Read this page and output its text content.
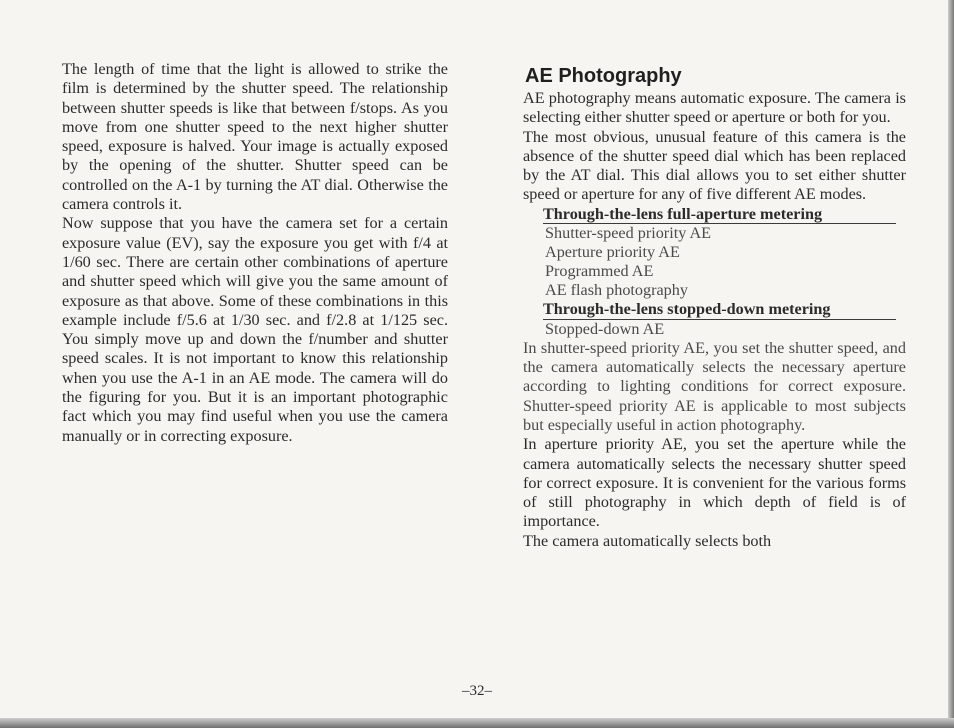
The length of time that the light is allowed to strike the film is determined by the shutter speed. The relationship between shutter speeds is like that between f/stops. As you move from one shutter speed to the next higher shutter speed, exposure is halved. Your image is actually exposed by the opening of the shutter. Shutter speed can be controlled on the A-1 by turning the AT dial. Otherwise the camera controls it.

Now suppose that you have the camera set for a certain exposure value (EV), say the exposure you get with f/4 at 1/60 sec. There are certain other combinations of aperture and shutter speed which will give you the same amount of exposure as that above. Some of these combinations in this example include f/5.6 at 1/30 sec. and f/2.8 at 1/125 sec. You simply move up and down the f/number and shutter speed scales. It is not important to know this relationship when you use the A-1 in an AE mode. The camera will do the figuring for you. But it is an important photographic fact which you may find useful when you use the camera manually or in correcting exposure.

AE Photography

AE photography means automatic exposure. The camera is selecting either shutter speed or aperture or both for you.

The most obvious, unusual feature of this camera is the absence of the shutter speed dial which has been replaced by the AT dial. This dial allows you to set either shutter speed or aperture for any of five different AE modes.

Through-the-lens full-aperture metering
Shutter-speed priority AE
Aperture priority AE
Programmed AE
AE flash photography
Through-the-lens stopped-down metering
Stopped-down AE

In shutter-speed priority AE, you set the shutter speed, and the camera automatically selects the necessary aperture according to lighting conditions for correct exposure. Shutter-speed priority AE is applicable to most subjects but especially useful in action photography.

In aperture priority AE, you set the aperture while the camera automatically selects the necessary shutter speed for correct exposure. It is convenient for the various forms of still photography in which depth of field is of importance.

The camera automatically selects both

–32–
